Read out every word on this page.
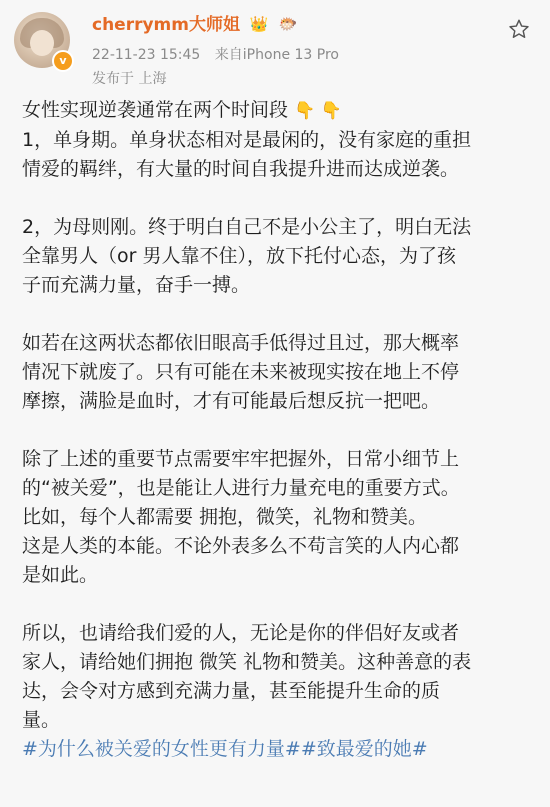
v
cherrymm大师姐 👑 🐡
22-11-23 15:45 来自iPhone 13 Pro
发布于 上海

女性实现逆袭通常在两个时间段 👇 👇

1，单身期。单身状态相对是最闲的，没有家庭的重担

情爱的羁绊，有大量的时间自我提升进而达成逆袭。

2，为母则刚。终于明白自己不是小公主了，明白无法

全靠男人（or 男人靠不住），放下托付心态，为了孩

子而充满力量，奋手一搏。

如若在这两状态都依旧眼高手低得过且过，那大概率

情况下就废了。只有可能在未来被现实按在地上不停

摩擦，满脸是血时，才有可能最后想反抗一把吧。

除了上述的重要节点需要牢牢把握外，日常小细节上

的“被关爱”，也是能让人进行力量充电的重要方式。

比如，每个人都需要 拥抱，微笑，礼物和赞美。

这是人类的本能。不论外表多么不苟言笑的人内心都

是如此。

所以，也请给我们爱的人，无论是你的伴侣好友或者

家人，请给她们拥抱 微笑 礼物和赞美。这种善意的表

达，会令对方感到充满力量，甚至能提升生命的质

量。

#为什么被关爱的女性更有力量##致最爱的她#
